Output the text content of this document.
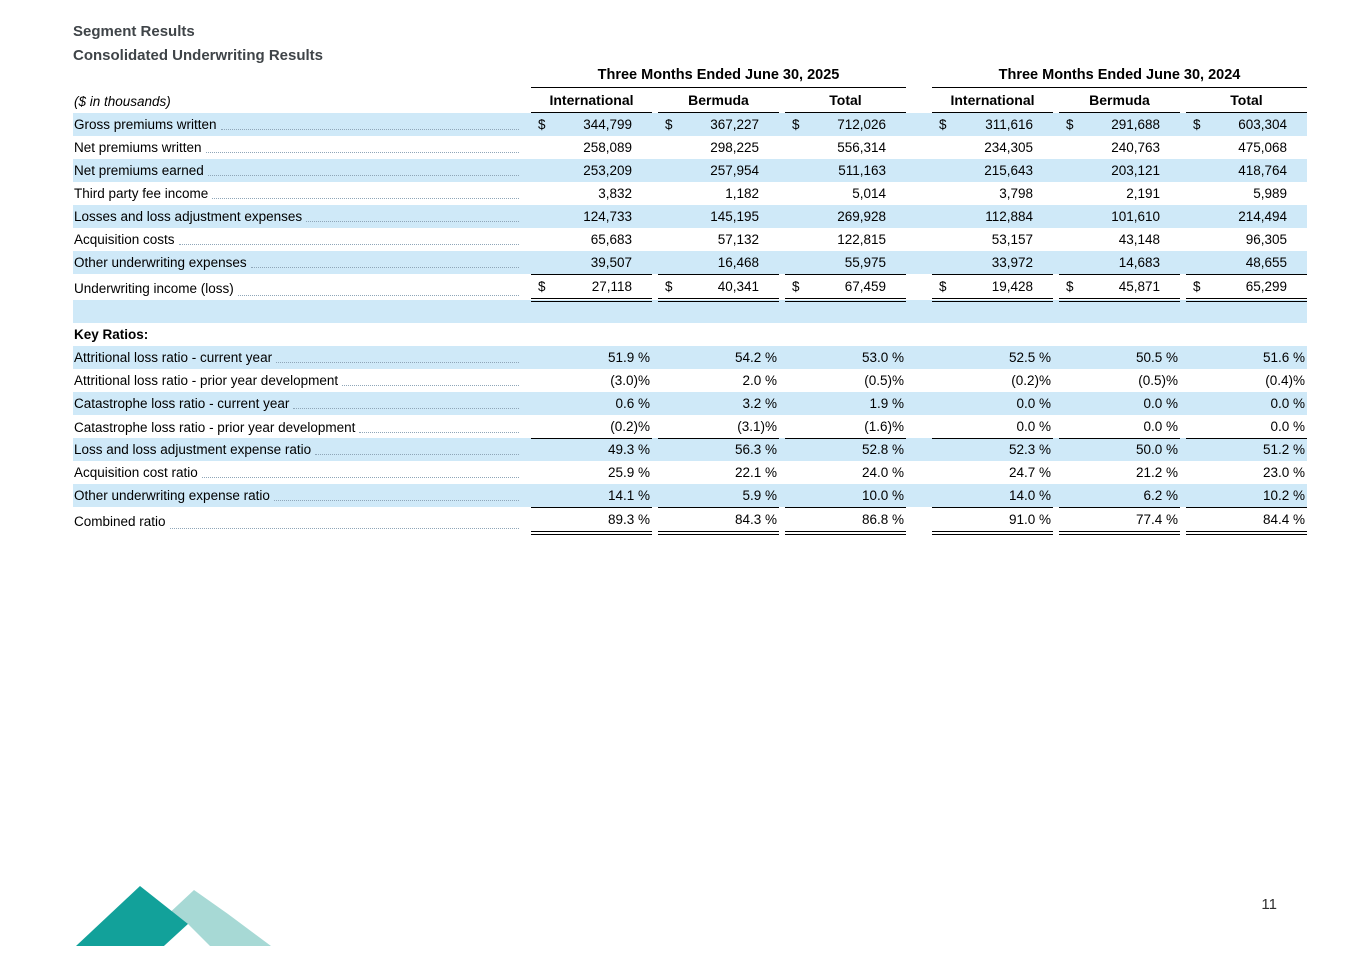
Segment Results
Consolidated Underwriting Results
Three Months Ended June 30, 2025	Three Months Ended June 30, 2024
($ in thousands)	International	Bermuda	Total	International	Bermuda	Total
Gross premiums written	$	344,799 $	367,227 $	712,026	$	311,616 $	291,688 $	603,304
Net premiums written	258,089	298,225	556,314	234,305	240,763	475,068
Net premiums earned	253,209	257,954	511,163	215,643	203,121	418,764
Third party fee income	3,832	1,182	5,014	3,798	2,191	5,989
Losses and loss adjustment expenses	124,733	145,195	269,928	112,884	101,610	214,494
Acquisition costs	65,683	57,132	122,815	53,157	43,148	96,305
Other underwriting expenses	39,507	16,468	55,975	33,972	14,683	48,655
Underwriting income (loss)	$	27,118 $	40,341 $	67,459	$	19,428 $	45,871 $	65,299
Key Ratios:
Attritional loss ratio - current year	51.9 %	54.2 %	53.0 %	52.5 %	50.5 %	51.6 %
Attritional loss ratio - prior year development	(3.0)%	2.0 %	(0.5)%	(0.2)%	(0.5)%	(0.4)%
Catastrophe loss ratio - current year	0.6 %	3.2 %	1.9 %	0.0 %	0.0 %	0.0 %
Catastrophe loss ratio - prior year development	(0.2)%	(3.1)%	(1.6)%	0.0 %	0.0 %	0.0 %
Loss and loss adjustment expense ratio	49.3 %	56.3 %	52.8 %	52.3 %	50.0 %	51.2 %
Acquisition cost ratio	25.9 %	22.1 %	24.0 %	24.7 %	21.2 %	23.0 %
Other underwriting expense ratio	14.1 %	5.9 %	10.0 %	14.0 %	6.2 %	10.2 %
Combined ratio	89.3 %	84.3 %	86.8 %	91.0 %	77.4 %	84.4 %
11
